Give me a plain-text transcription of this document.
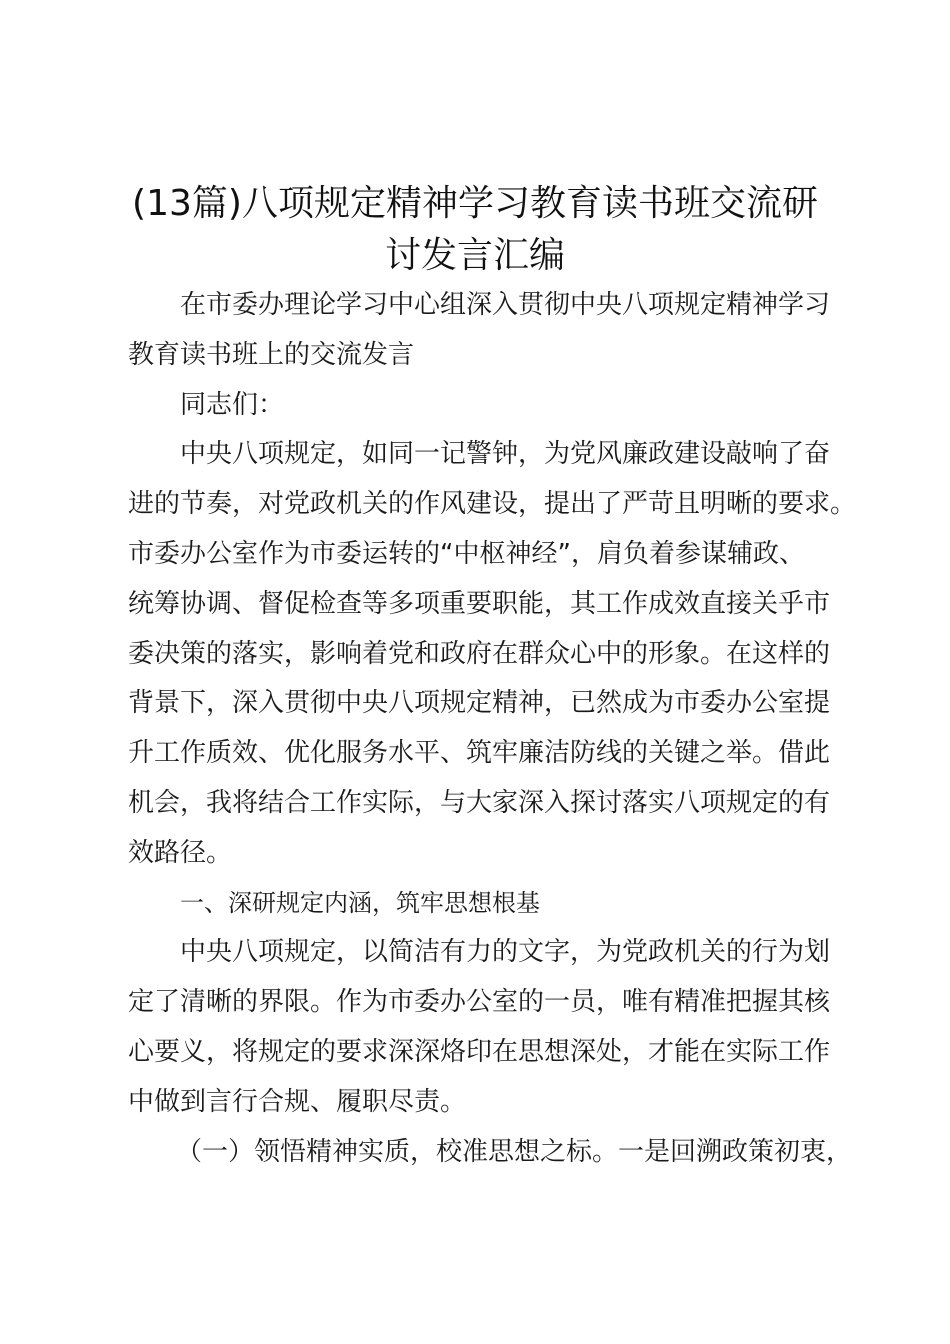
(13篇)八项规定精神学习教育读书班交流研
讨发言汇编
在市委办理论学习中心组深入贯彻中央八项规定精神学习
教育读书班上的交流发言
同志们：
中央八项规定，如同一记警钟，为党风廉政建设敲响了奋
进的节奏，对党政机关的作风建设，提出了严苛且明晰的要求。
市委办公室作为市委运转的“中枢神经”，肩负着参谋辅政、
统筹协调、督促检查等多项重要职能，其工作成效直接关乎市
委决策的落实，影响着党和政府在群众心中的形象。在这样的
背景下，深入贯彻中央八项规定精神，已然成为市委办公室提
升工作质效、优化服务水平、筑牢廉洁防线的关键之举。借此
机会，我将结合工作实际，与大家深入探讨落实八项规定的有
效路径。
一、深研规定内涵，筑牢思想根基
中央八项规定，以简洁有力的文字，为党政机关的行为划
定了清晰的界限。作为市委办公室的一员，唯有精准把握其核
心要义，将规定的要求深深烙印在思想深处，才能在实际工作
中做到言行合规、履职尽责。
（一）领悟精神实质，校准思想之标。一是回溯政策初衷，
